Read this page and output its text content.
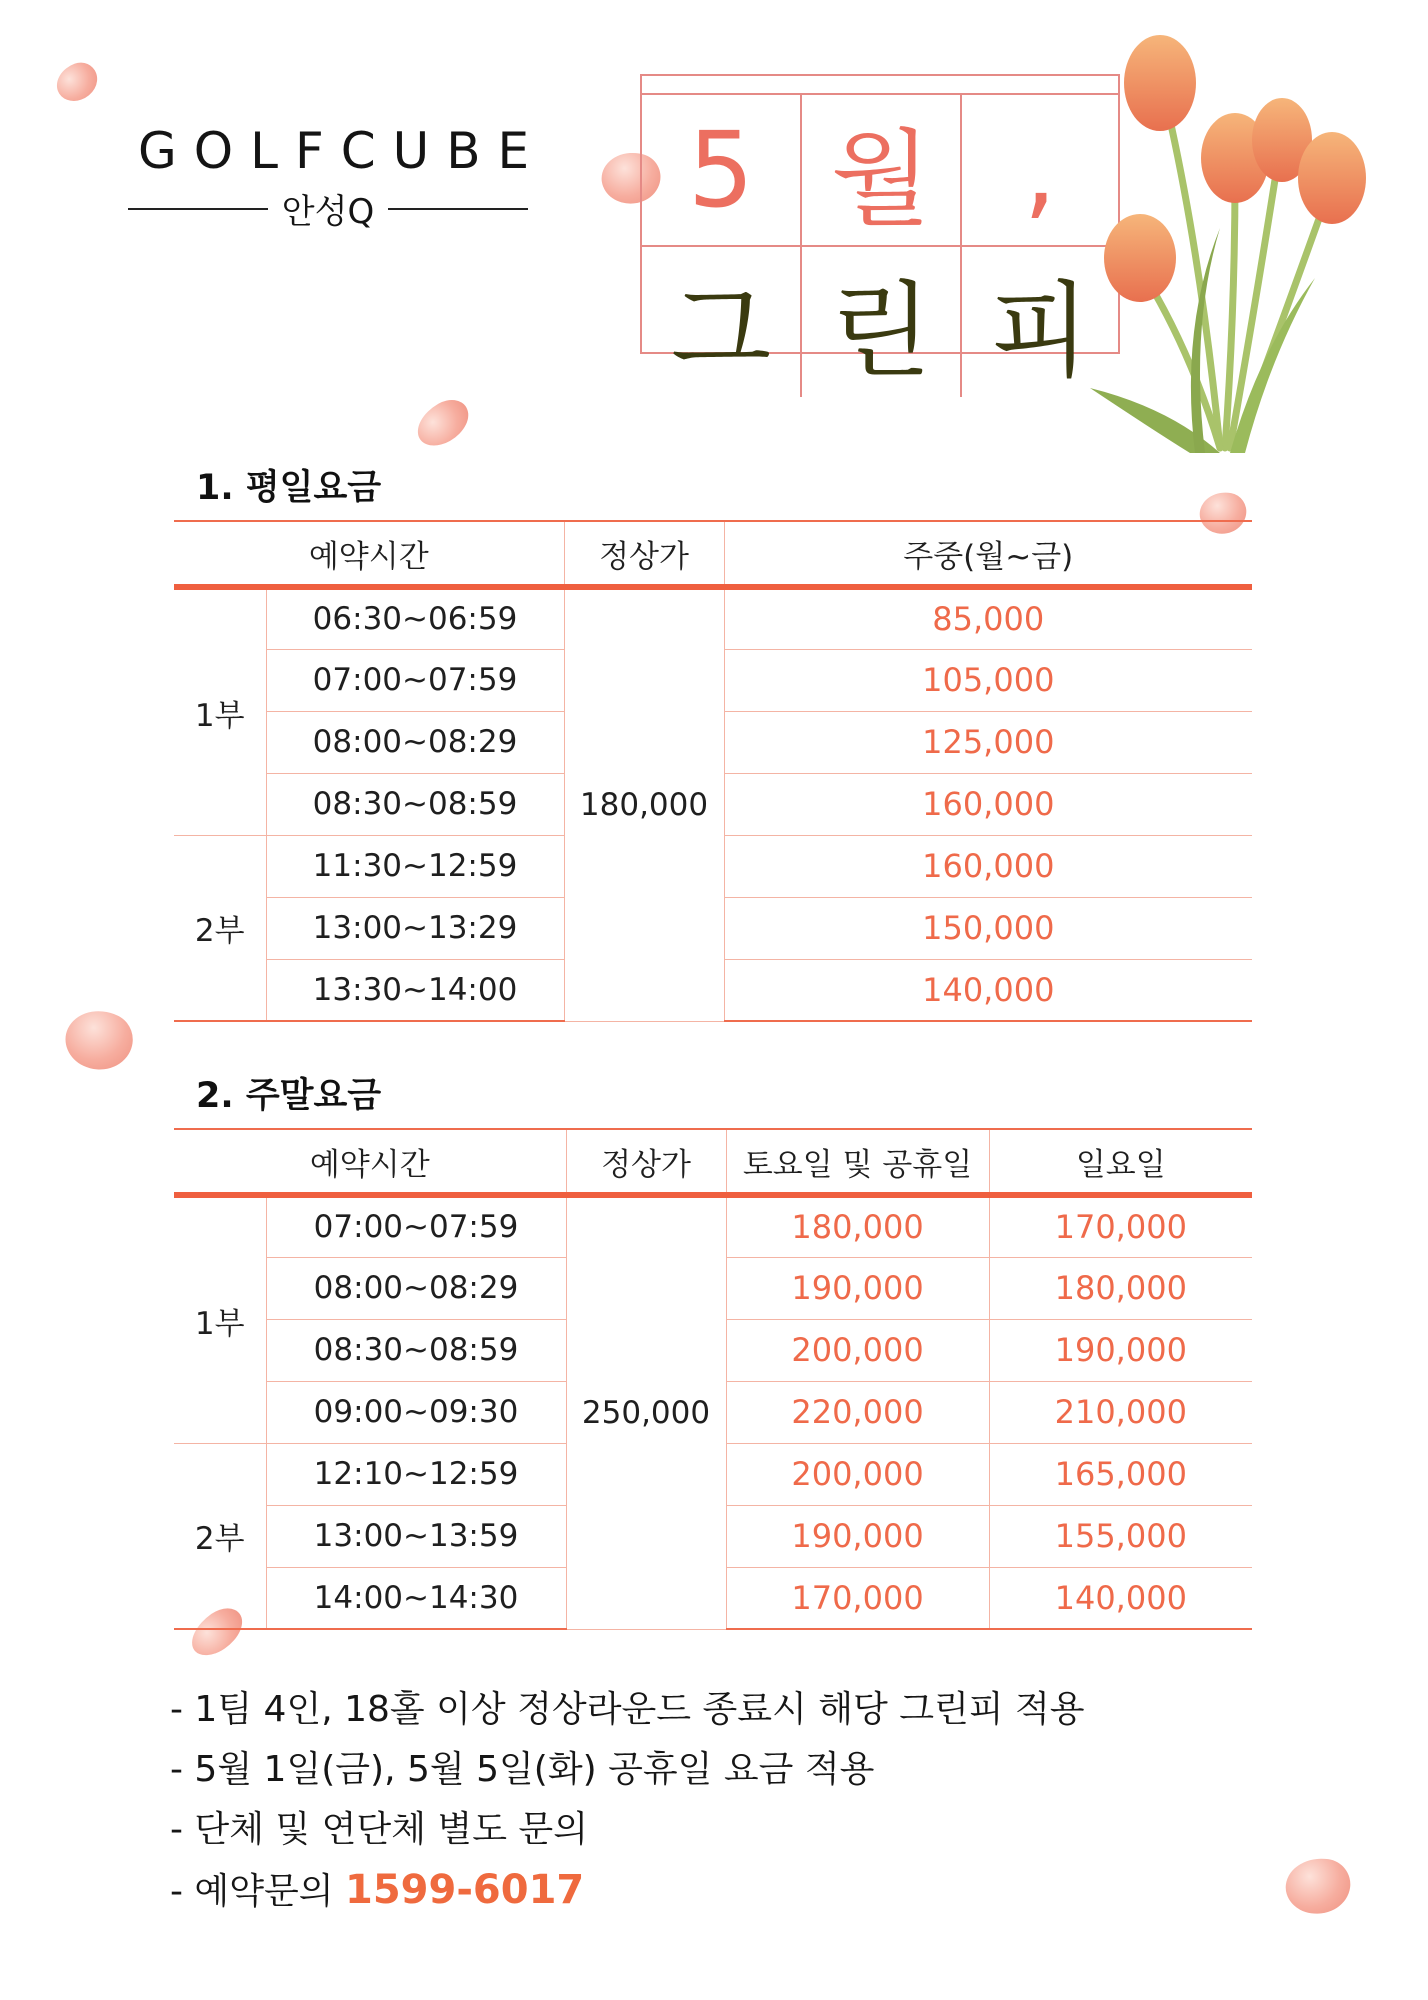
GOLFCUBE
안성Q	5 월 ,
그 린 피
1. 평일요금
예약시간		정상가	주중(월~금)
1부	06:30~06:59	180,000	85,000
	07:00~07:59		105,000
	08:00~08:29		125,000
	08:30~08:59		160,000
2부	11:30~12:59		160,000
	13:00~13:29		150,000
	13:30~14:00		140,000
2. 주말요금
예약시간		정상가	토요일 및 공휴일	일요일
1부	07:00~07:59	250,000	180,000	170,000
	08:00~08:29		190,000	180,000
	08:30~08:59		200,000	190,000
	09:00~09:30		220,000	210,000
2부	12:10~12:59		200,000	165,000
	13:00~13:59		190,000	155,000
	14:00~14:30		170,000	140,000
- 1팀 4인, 18홀 이상 정상라운드 종료시 해당 그린피 적용
- 5월 1일(금), 5월 5일(화) 공휴일 요금 적용
- 단체 및 연단체 별도 문의
- 예약문의 1599-6017
